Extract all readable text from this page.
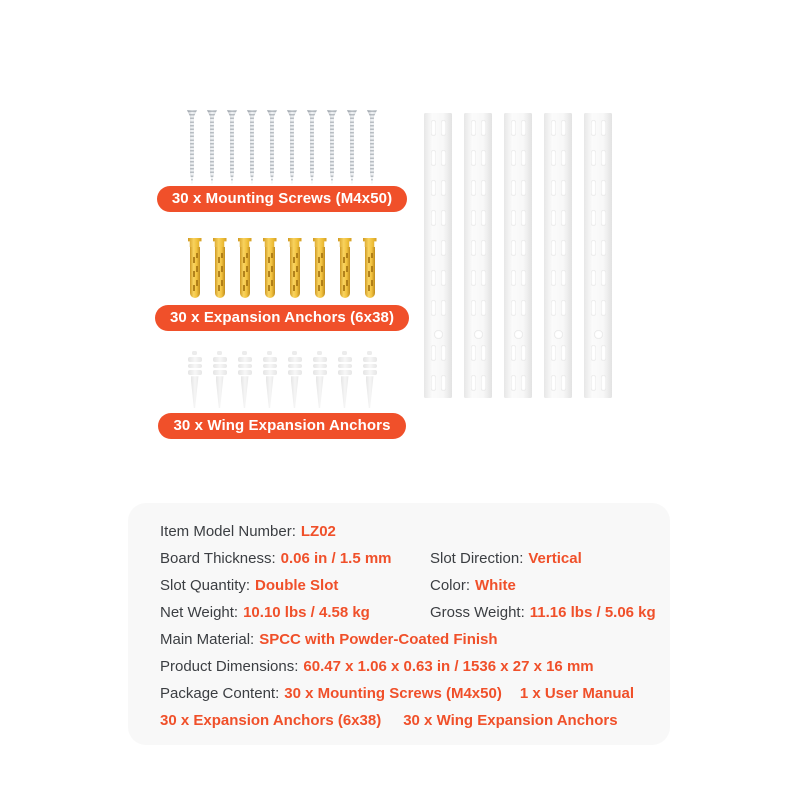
30 x Mounting Screws (M4x50)
30 x Expansion Anchors (6x38)
30 x Wing Expansion Anchors
Item Model Number: LZ02
Board Thickness: 0.06 in / 1.5 mm	Slot Direction: Vertical
Slot Quantity: Double Slot	Color: White
Net Weight: 10.10 lbs / 4.58 kg	Gross Weight: 11.16 lbs / 5.06 kg
Main Material: SPCC with Powder-Coated Finish
Product Dimensions: 60.47 x 1.06 x 0.63 in / 1536 x 27 x 16 mm
Package Content: 30 x Mounting Screws (M4x50) 1 x User Manual
30 x Expansion Anchors (6x38) 30 x Wing Expansion Anchors
